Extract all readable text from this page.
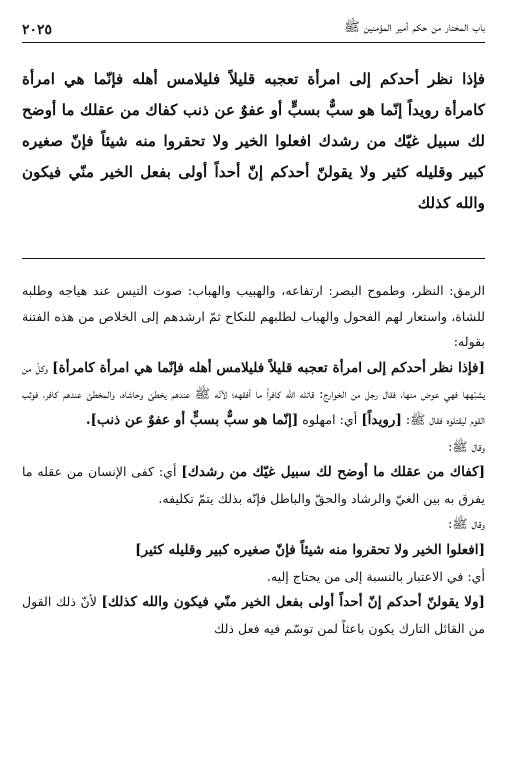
باب المختار من حكم أمير المؤمنين ﷺ
٢٠٢٥

فإذا نظر أحدكم إلى امرأة تعجبه قليلاً فليلامس أهله فإنّما هي امرأة كامرأة رويداً إنّما هو سبٌّ بسبٍّ أو عفوٌ عن ذنب كفاك من عقلك ما أوضح لك سبيل غيّك من رشدك افعلوا الخير ولا تحقروا منه شيئاً فإنّ صغيره كبير وقليله كثير ولا يقولنّ أحدكم إنّ أحداً أولى بفعل الخير منّي فيكون والله كذلك

الرمق: النظر، وطموح البصر: ارتفاعه، والهبيب والهباب: صوت التيس عند هياجه وطلبه للشاة، واستعار لهم الفحول والهباب لطلبهم للنكاح ثمّ ارشدهم إلى الخلاص من هذه الفتنة بقوله:

[فإذا نظر أحدكم إلى امرأة تعجبه قليلاً فليلامس أهله فإنّما هي امرأة كامرأة] وكلّ من يشبّهها فهي عوض منها، فقال رجل من الخوارج: قاتله الله كافراً ما أفقهه؛ لأنّه ﷺ عندهم يخطئ وحاشاه، والمخطئ عندهم كافر، فوثب القوم ليقتلوه فقال ﷺ: [رويداً] أي: امهلوه [إنّما هو سبٌّ بسبٍّ أو عفوٌ عن ذنب].

وقال ﷺ:

[كفاك من عقلك ما أوضح لك سبيل غيّك من رشدك] أي: كفى الإنسان من عقله ما يفرق به بين الغيّ والرشاد والحقّ والباطل فإنّه بذلك يتمّ تكليفه.

وقال ﷺ:

[افعلوا الخير ولا تحقروا منه شيئاً فإنّ صغيره كبير وقليله كثير]

أي: في الاعتبار بالنسبة إلى من يحتاج إليه.

[ولا يقولنّ أحدكم إنّ أحداً أولى بفعل الخير منّي فيكون والله كذلك] لأنّ ذلك القول من القائل التارك يكون باعثاً لمن توسّم فيه فعل ذلك
